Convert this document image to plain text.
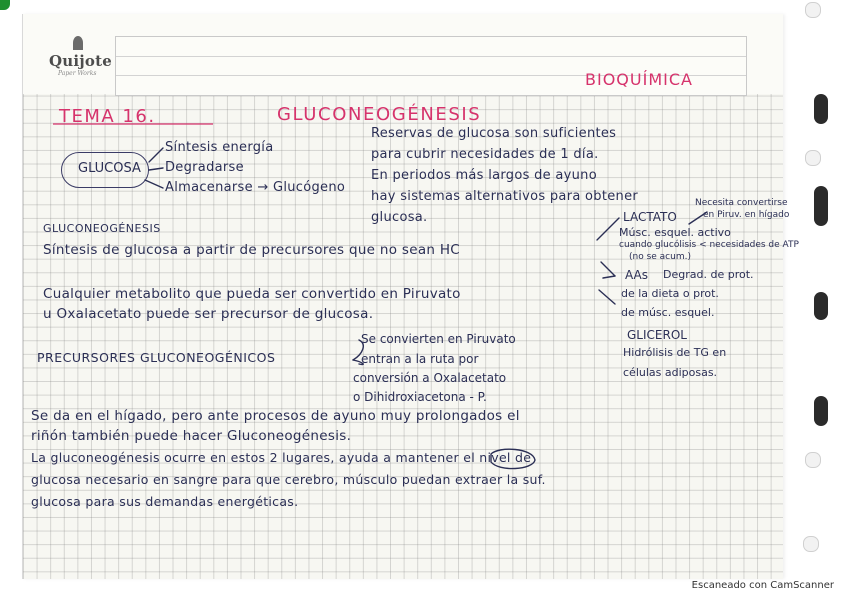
Quijote
Paper Works	BIOQUÍMICA
TEMA 16.	GLUCONEOGÉNESIS
GLUCOSA
Síntesis energía
Degradarse
Almacenarse → Glucógeno
Reservas de glucosa son suficientes
para cubrir necesidades de 1 día.
En periodos más largos de ayuno
hay sistemas alternativos para obtener
glucosa.
GLUCONEOGÉNESIS
Síntesis de glucosa a partir de precursores que no sean HC
Cualquier metabolito que pueda ser convertido en Piruvato
u Oxalacetato puede ser precursor de glucosa.
LACTATO
Músc. esquel. activo
cuando glucólisis < necesidades de ATP
(no se acum.)
Necesita convertirse
en Piruv. en hígado
AAs Degrad. de prot.
de la dieta o prot.
de músc. esquel.
GLICEROL
Hidrólisis de TG en
células adiposas.
PRECURSORES GLUCONEOGÉNICOS
Se convierten en Piruvato
entran a la ruta por
conversión a Oxalacetato
o Dihidroxiacetona - P.
Se da en el hígado, pero ante procesos de ayuno muy prolongados el
riñón también puede hacer Gluconeogénesis.
La gluconeogénesis ocurre en estos 2 lugares, ayuda a mantener el nivel de
glucosa necesario en sangre para que cerebro, músculo puedan extraer la suf.
glucosa para sus demandas energéticas.
Escaneado con CamScanner
